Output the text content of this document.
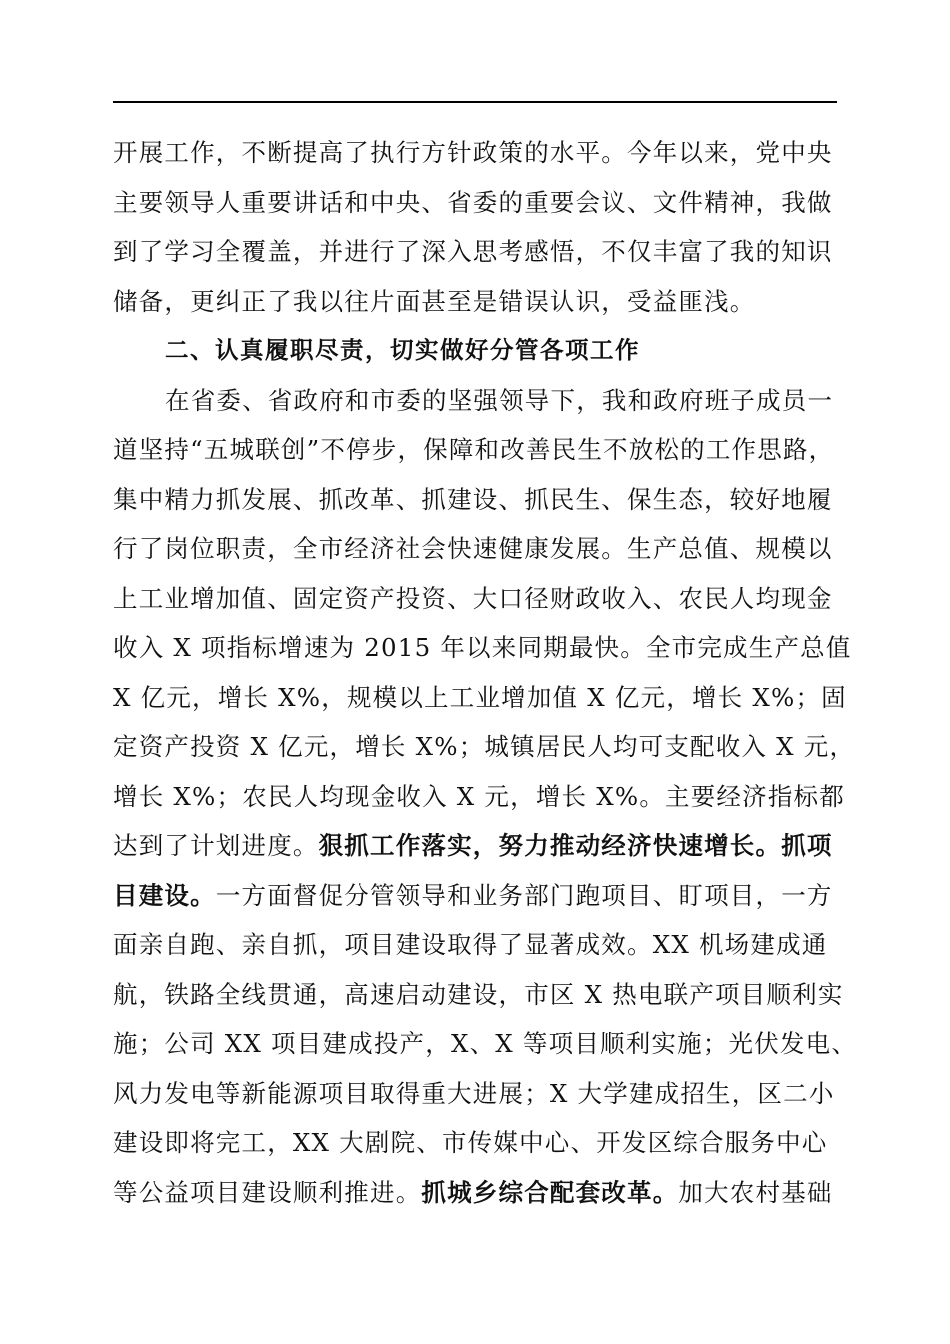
开展工作，不断提高了执行方针政策的水平。今年以来，党中央
主要领导人重要讲话和中央、省委的重要会议、文件精神，我做
到了学习全覆盖，并进行了深入思考感悟，不仅丰富了我的知识
储备，更纠正了我以往片面甚至是错误认识，受益匪浅。
二、认真履职尽责，切实做好分管各项工作
在省委、省政府和市委的坚强领导下，我和政府班子成员一
道坚持“五城联创”不停步，保障和改善民生不放松的工作思路，
集中精力抓发展、抓改革、抓建设、抓民生、保生态，较好地履
行了岗位职责，全市经济社会快速健康发展。生产总值、规模以
上工业增加值、固定资产投资、大口径财政收入、农民人均现金
收入 X 项指标增速为 2015 年以来同期最快。全市完成生产总值
X 亿元，增长 X%，规模以上工业增加值 X 亿元，增长 X%；固
定资产投资 X 亿元，增长 X%；城镇居民人均可支配收入 X 元，
增长 X%；农民人均现金收入 X 元，增长 X%。主要经济指标都
达到了计划进度。狠抓工作落实，努力推动经济快速增长。抓项
目建设。一方面督促分管领导和业务部门跑项目、盯项目，一方
面亲自跑、亲自抓，项目建设取得了显著成效。XX 机场建成通
航，铁路全线贯通，高速启动建设，市区 X 热电联产项目顺利实
施；公司 XX 项目建成投产，X、X 等项目顺利实施；光伏发电、
风力发电等新能源项目取得重大进展；X 大学建成招生，区二小
建设即将完工，XX 大剧院、市传媒中心、开发区综合服务中心
等公益项目建设顺利推进。抓城乡综合配套改革。加大农村基础
